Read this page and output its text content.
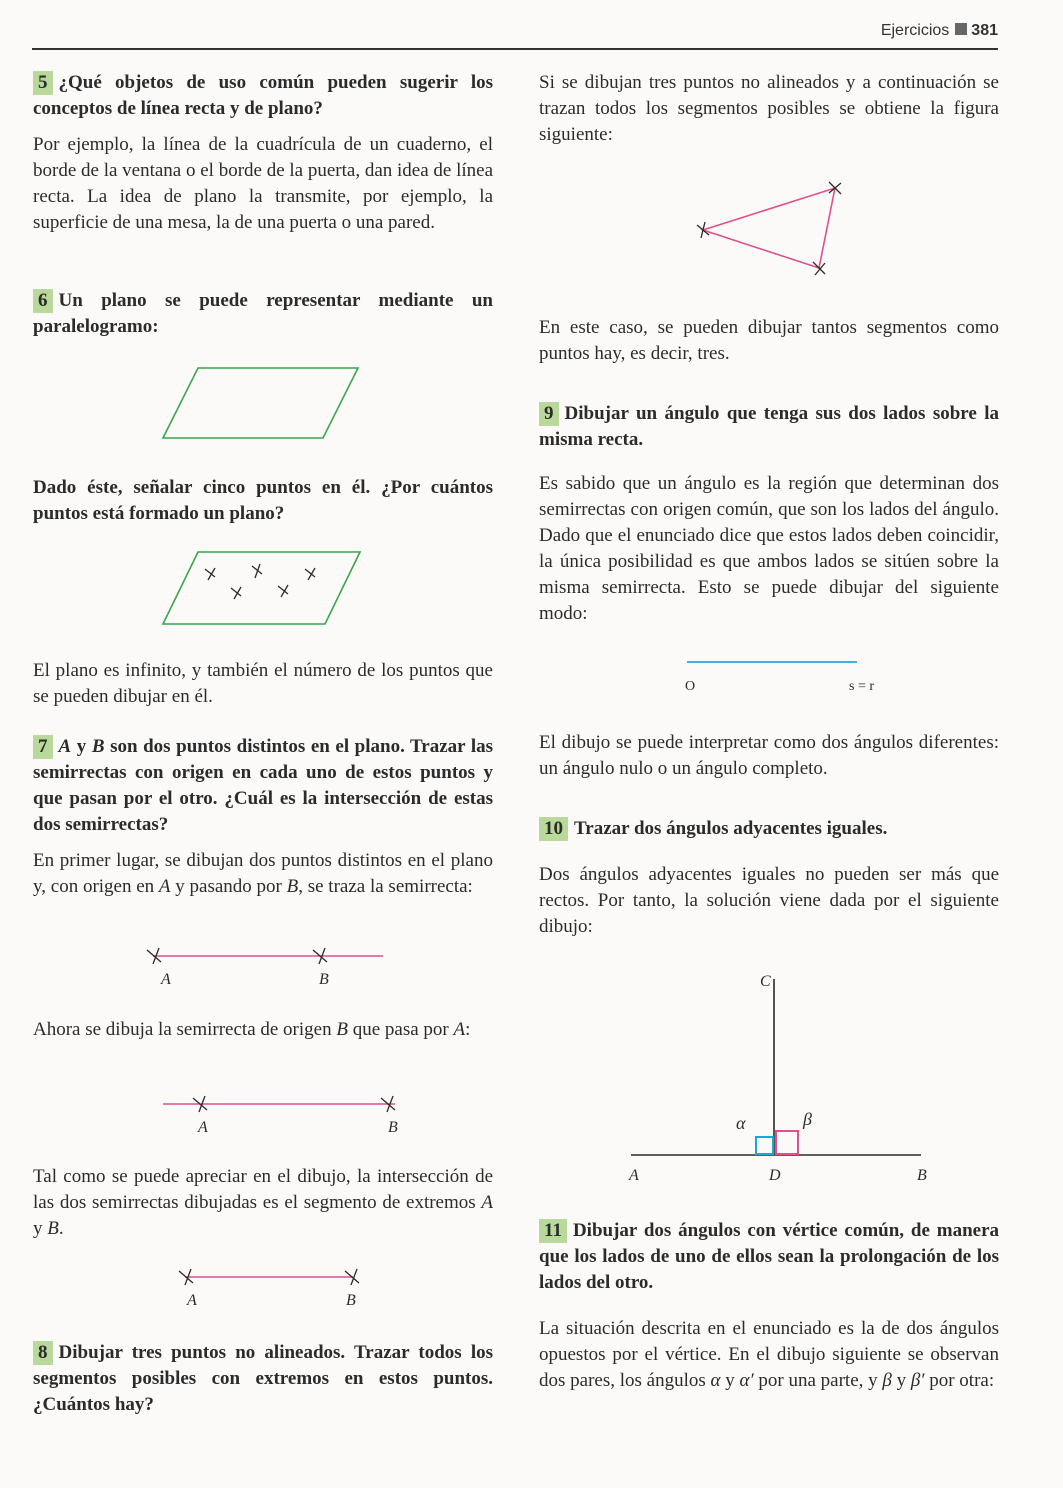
Ejercicios 381

5 ¿Qué objetos de uso común pueden sugerir los conceptos de línea recta y de plano?

Por ejemplo, la línea de la cuadrícula de un cuaderno, el borde de la ventana o el borde de la puerta, dan idea de línea recta. La idea de plano la transmite, por ejemplo, la superficie de una mesa, la de una puerta o una pared.

6 Un plano se puede representar mediante un paralelogramo:

Dado éste, señalar cinco puntos en él. ¿Por cuántos puntos está formado un plano?

El plano es infinito, y también el número de los puntos que se pueden dibujar en él.

7 A y B son dos puntos distintos en el plano. Trazar las semirrectas con origen en cada uno de estos puntos y que pasan por el otro. ¿Cuál es la intersección de estas dos semirrectas?

En primer lugar, se dibujan dos puntos distintos en el plano y, con origen en A y pasando por B, se traza la semirrecta:

A	B

Ahora se dibuja la semirrecta de origen B que pasa por A:

A	B

Tal como se puede apreciar en el dibujo, la intersección de las dos semirrectas dibujadas es el segmento de extremos A y B.

A	B

8 Dibujar tres puntos no alineados. Trazar todos los segmentos posibles con extremos en estos puntos. ¿Cuántos hay?

Si se dibujan tres puntos no alineados y a continuación se trazan todos los segmentos posibles se obtiene la figura siguiente:

En este caso, se pueden dibujar tantos segmentos como puntos hay, es decir, tres.

9 Dibujar un ángulo que tenga sus dos lados sobre la misma recta.

Es sabido que un ángulo es la región que determinan dos semirrectas con origen común, que son los lados del ángulo. Dado que el enunciado dice que estos lados deben coincidir, la única posibilidad es que ambos lados se sitúen sobre la misma semirrecta. Esto se puede dibujar del siguiente modo:

O	s = r

El dibujo se puede interpretar como dos ángulos diferentes: un ángulo nulo o un ángulo completo.

10 Trazar dos ángulos adyacentes iguales.

Dos ángulos adyacentes iguales no pueden ser más que rectos. Por tanto, la solución viene dada por el siguiente dibujo:

C
α	β
A	D	B

11 Dibujar dos ángulos con vértice común, de manera que los lados de uno de ellos sean la prolongación de los lados del otro.

La situación descrita en el enunciado es la de dos ángulos opuestos por el vértice. En el dibujo siguiente se observan dos pares, los ángulos α y α′ por una parte, y β y β′ por otra:
